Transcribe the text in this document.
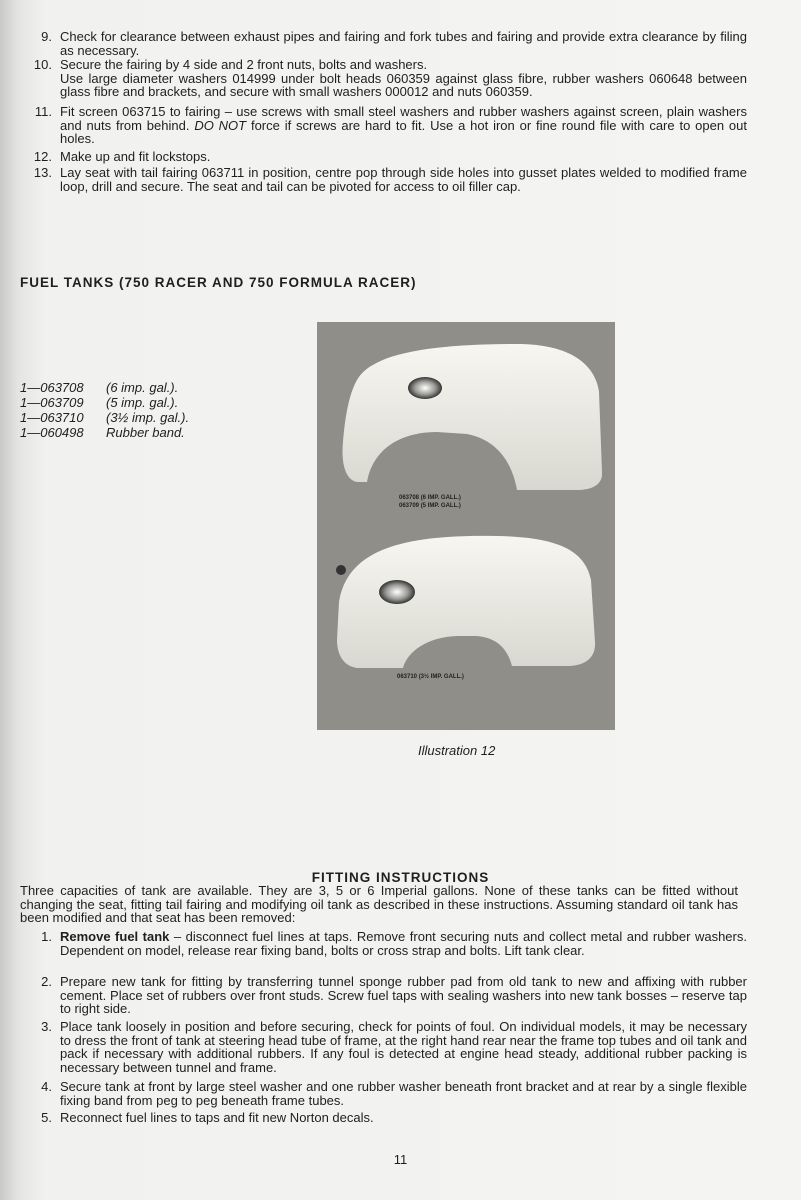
9. Check for clearance between exhaust pipes and fairing and fork tubes and fairing and provide extra clearance by filing as necessary.
10. Secure the fairing by 4 side and 2 front nuts, bolts and washers.
Use large diameter washers 014999 under bolt heads 060359 against glass fibre, rubber washers 060648 between glass fibre and brackets, and secure with small washers 000012 and nuts 060359.
11. Fit screen 063715 to fairing – use screws with small steel washers and rubber washers against screen, plain washers and nuts from behind. DO NOT force if screws are hard to fit. Use a hot iron or fine round file with care to open out holes.
12. Make up and fit lockstops.
13. Lay seat with tail fairing 063711 in position, centre pop through side holes into gusset plates welded to modified frame loop, drill and secure. The seat and tail can be pivoted for access to oil filler cap.
FUEL TANKS (750 RACER AND 750 FORMULA RACER)
1—063708	(6 imp. gal.).
1—063709	(5 imp. gal.).
1—063710	(3½ imp. gal.).
1—060498	Rubber band.
063708 (6 IMP. GALL.)
063709 (5 IMP. GALL.)
063710 (3½ IMP. GALL.)
Illustration 12
FITTING INSTRUCTIONS
Three capacities of tank are available. They are 3, 5 or 6 Imperial gallons. None of these tanks can be fitted without changing the seat, fitting tail fairing and modifying oil tank as described in these instructions. Assuming standard oil tank has been modified and that seat has been removed:
1. Remove fuel tank – disconnect fuel lines at taps. Remove front securing nuts and collect metal and rubber washers. Dependent on model, release rear fixing band, bolts or cross strap and bolts. Lift tank clear.
2. Prepare new tank for fitting by transferring tunnel sponge rubber pad from old tank to new and affixing with rubber cement. Place set of rubbers over front studs. Screw fuel taps with sealing washers into new tank bosses – reserve tap to right side.
3. Place tank loosely in position and before securing, check for points of foul. On individual models, it may be necessary to dress the front of tank at steering head tube of frame, at the right hand rear near the frame top tubes and oil tank and pack if necessary with additional rubbers. If any foul is detected at engine head steady, additional rubber packing is necessary between tunnel and frame.
4. Secure tank at front by large steel washer and one rubber washer beneath front bracket and at rear by a single flexible fixing band from peg to peg beneath frame tubes.
5. Reconnect fuel lines to taps and fit new Norton decals.
11
